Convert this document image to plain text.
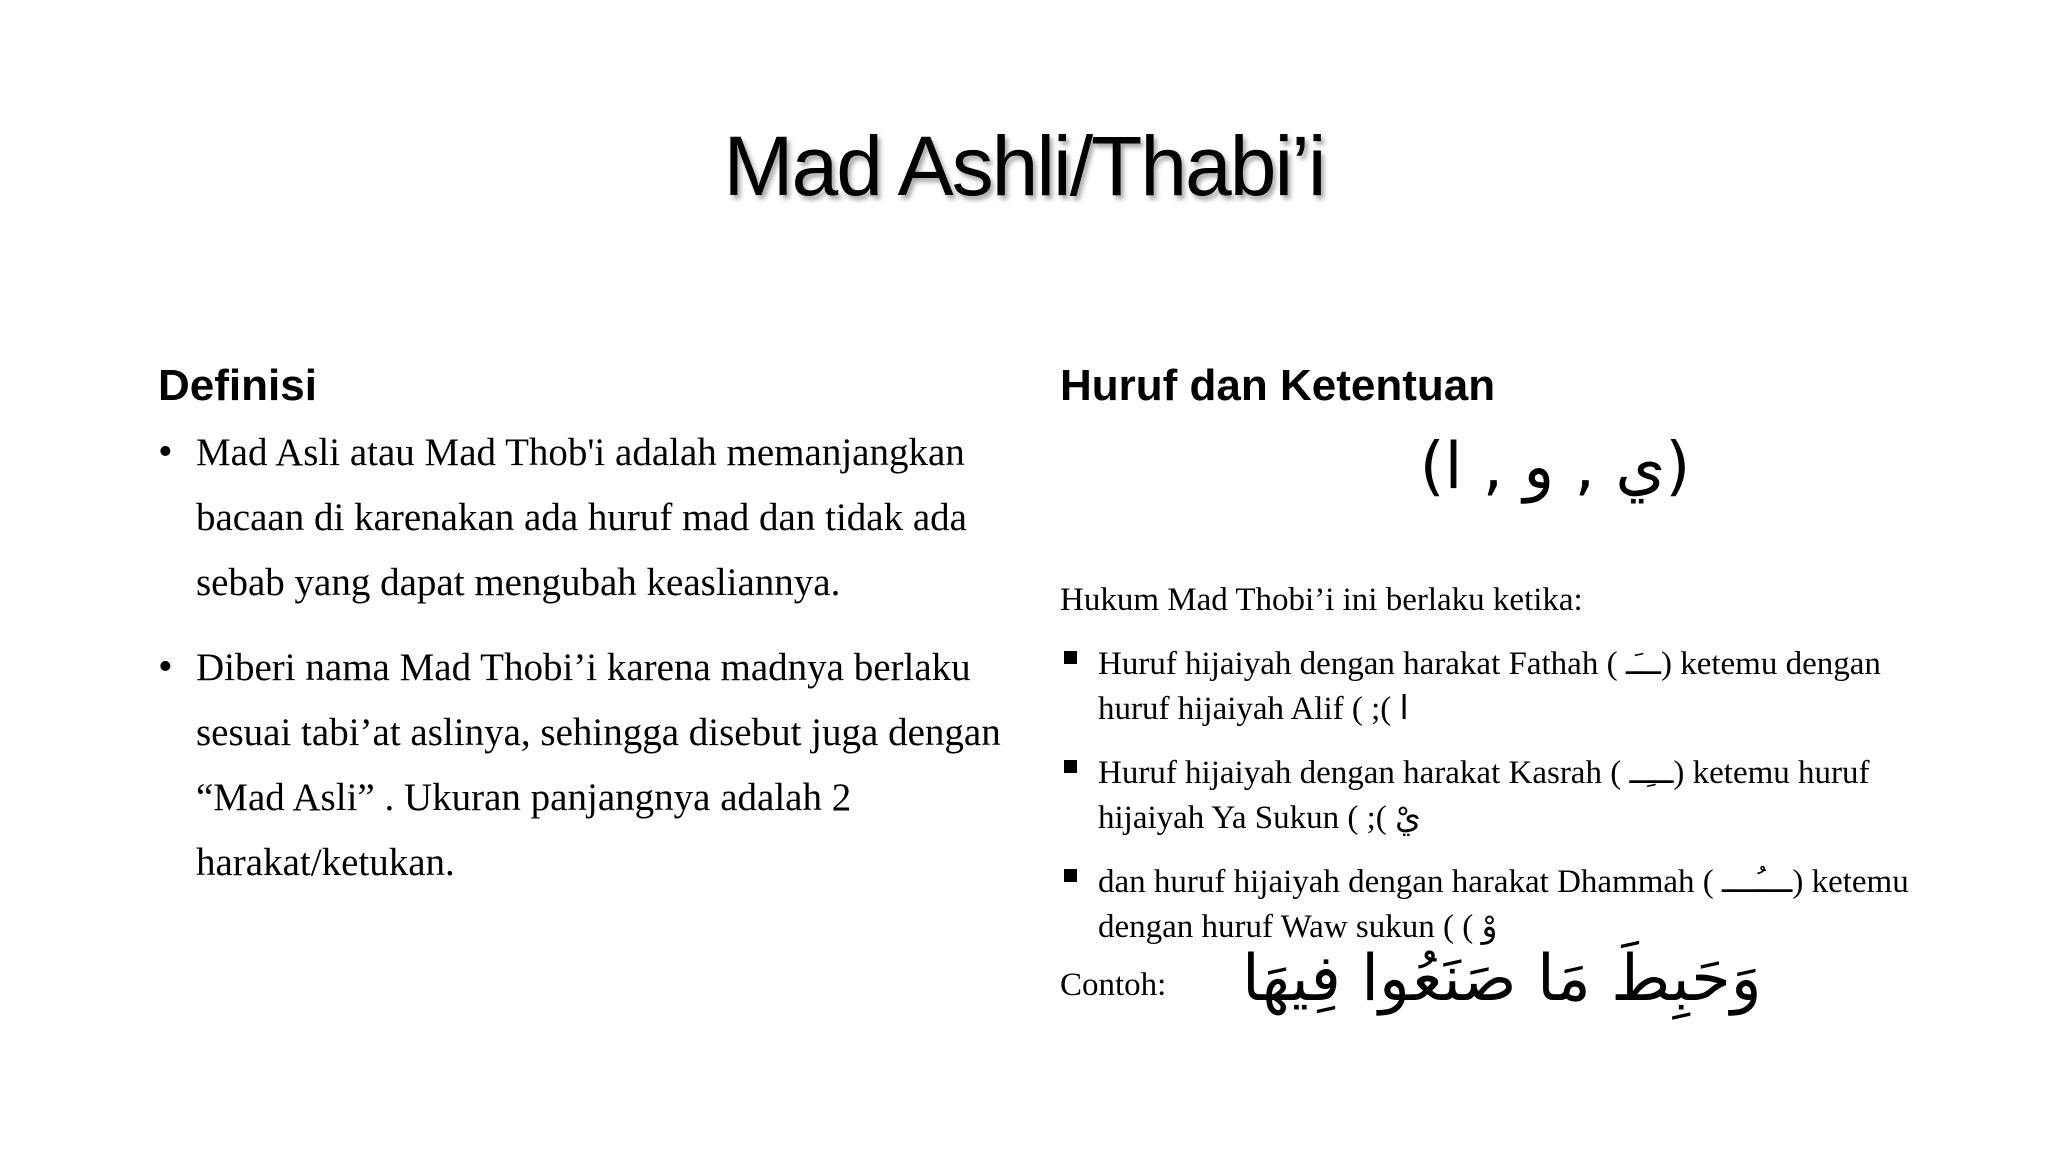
Mad Ashli/Thabi’i
Definisi
• Mad Asli atau Mad Thob'i adalah memanjangkan bacaan di karenakan ada huruf mad dan tidak ada sebab yang dapat mengubah keasliannya.
• Diberi nama Mad Thobi’i karena madnya berlaku sesuai tabi’at aslinya, sehingga disebut juga dengan “Mad Asli” . Ukuran panjangnya adalah 2 harakat/ketukan.
Huruf dan Ketentuan
(ي , و , ا)
Hukum Mad Thobi’i ini berlaku ketika:
Huruf hijaiyah dengan harakat Fathah ( ـــَـ) ketemu dengan huruf hijaiyah Alif ( ;( ا
Huruf hijaiyah dengan harakat Kasrah ( ـــِــ) ketemu huruf hijaiyah Ya Sukun ( ;( يْ
dan huruf hijaiyah dengan harakat Dhammah ( ــــُــــ) ketemu dengan huruf Waw sukun ( ( وْ
Contoh: وَحَبِطَ مَا صَنَعُوا فِيهَا
